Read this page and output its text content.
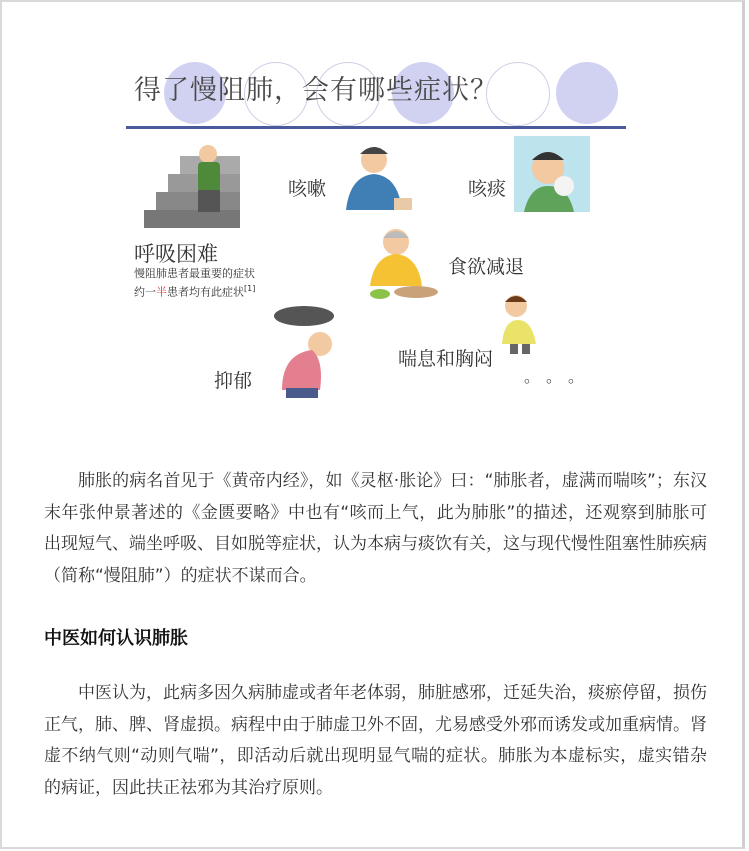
得了慢阻肺，会有哪些症状？
咳嗽	咳痰
呼吸困难
慢阻肺患者最重要的症状
约一半患者均有此症状[1]
食欲减退
喘息和胸闷
抑郁	。。。
肺胀的病名首见于《黄帝内经》，如《灵枢·胀论》曰：“肺胀者，虚满而喘咳”；东汉末年张仲景著述的《金匮要略》中也有“咳而上气，此为肺胀”的描述，还观察到肺胀可出现短气、端坐呼吸、目如脱等症状，认为本病与痰饮有关，这与现代慢性阻塞性肺疾病（简称“慢阻肺”）的症状不谋而合。
中医如何认识肺胀
中医认为，此病多因久病肺虚或者年老体弱，肺脏感邪，迁延失治，痰瘀停留，损伤正气，肺、脾、肾虚损。病程中由于肺虚卫外不固，尤易感受外邪而诱发或加重病情。肾虚不纳气则“动则气喘”，即活动后就出现明显气喘的症状。肺胀为本虚标实，虚实错杂的病证，因此扶正祛邪为其治疗原则。
